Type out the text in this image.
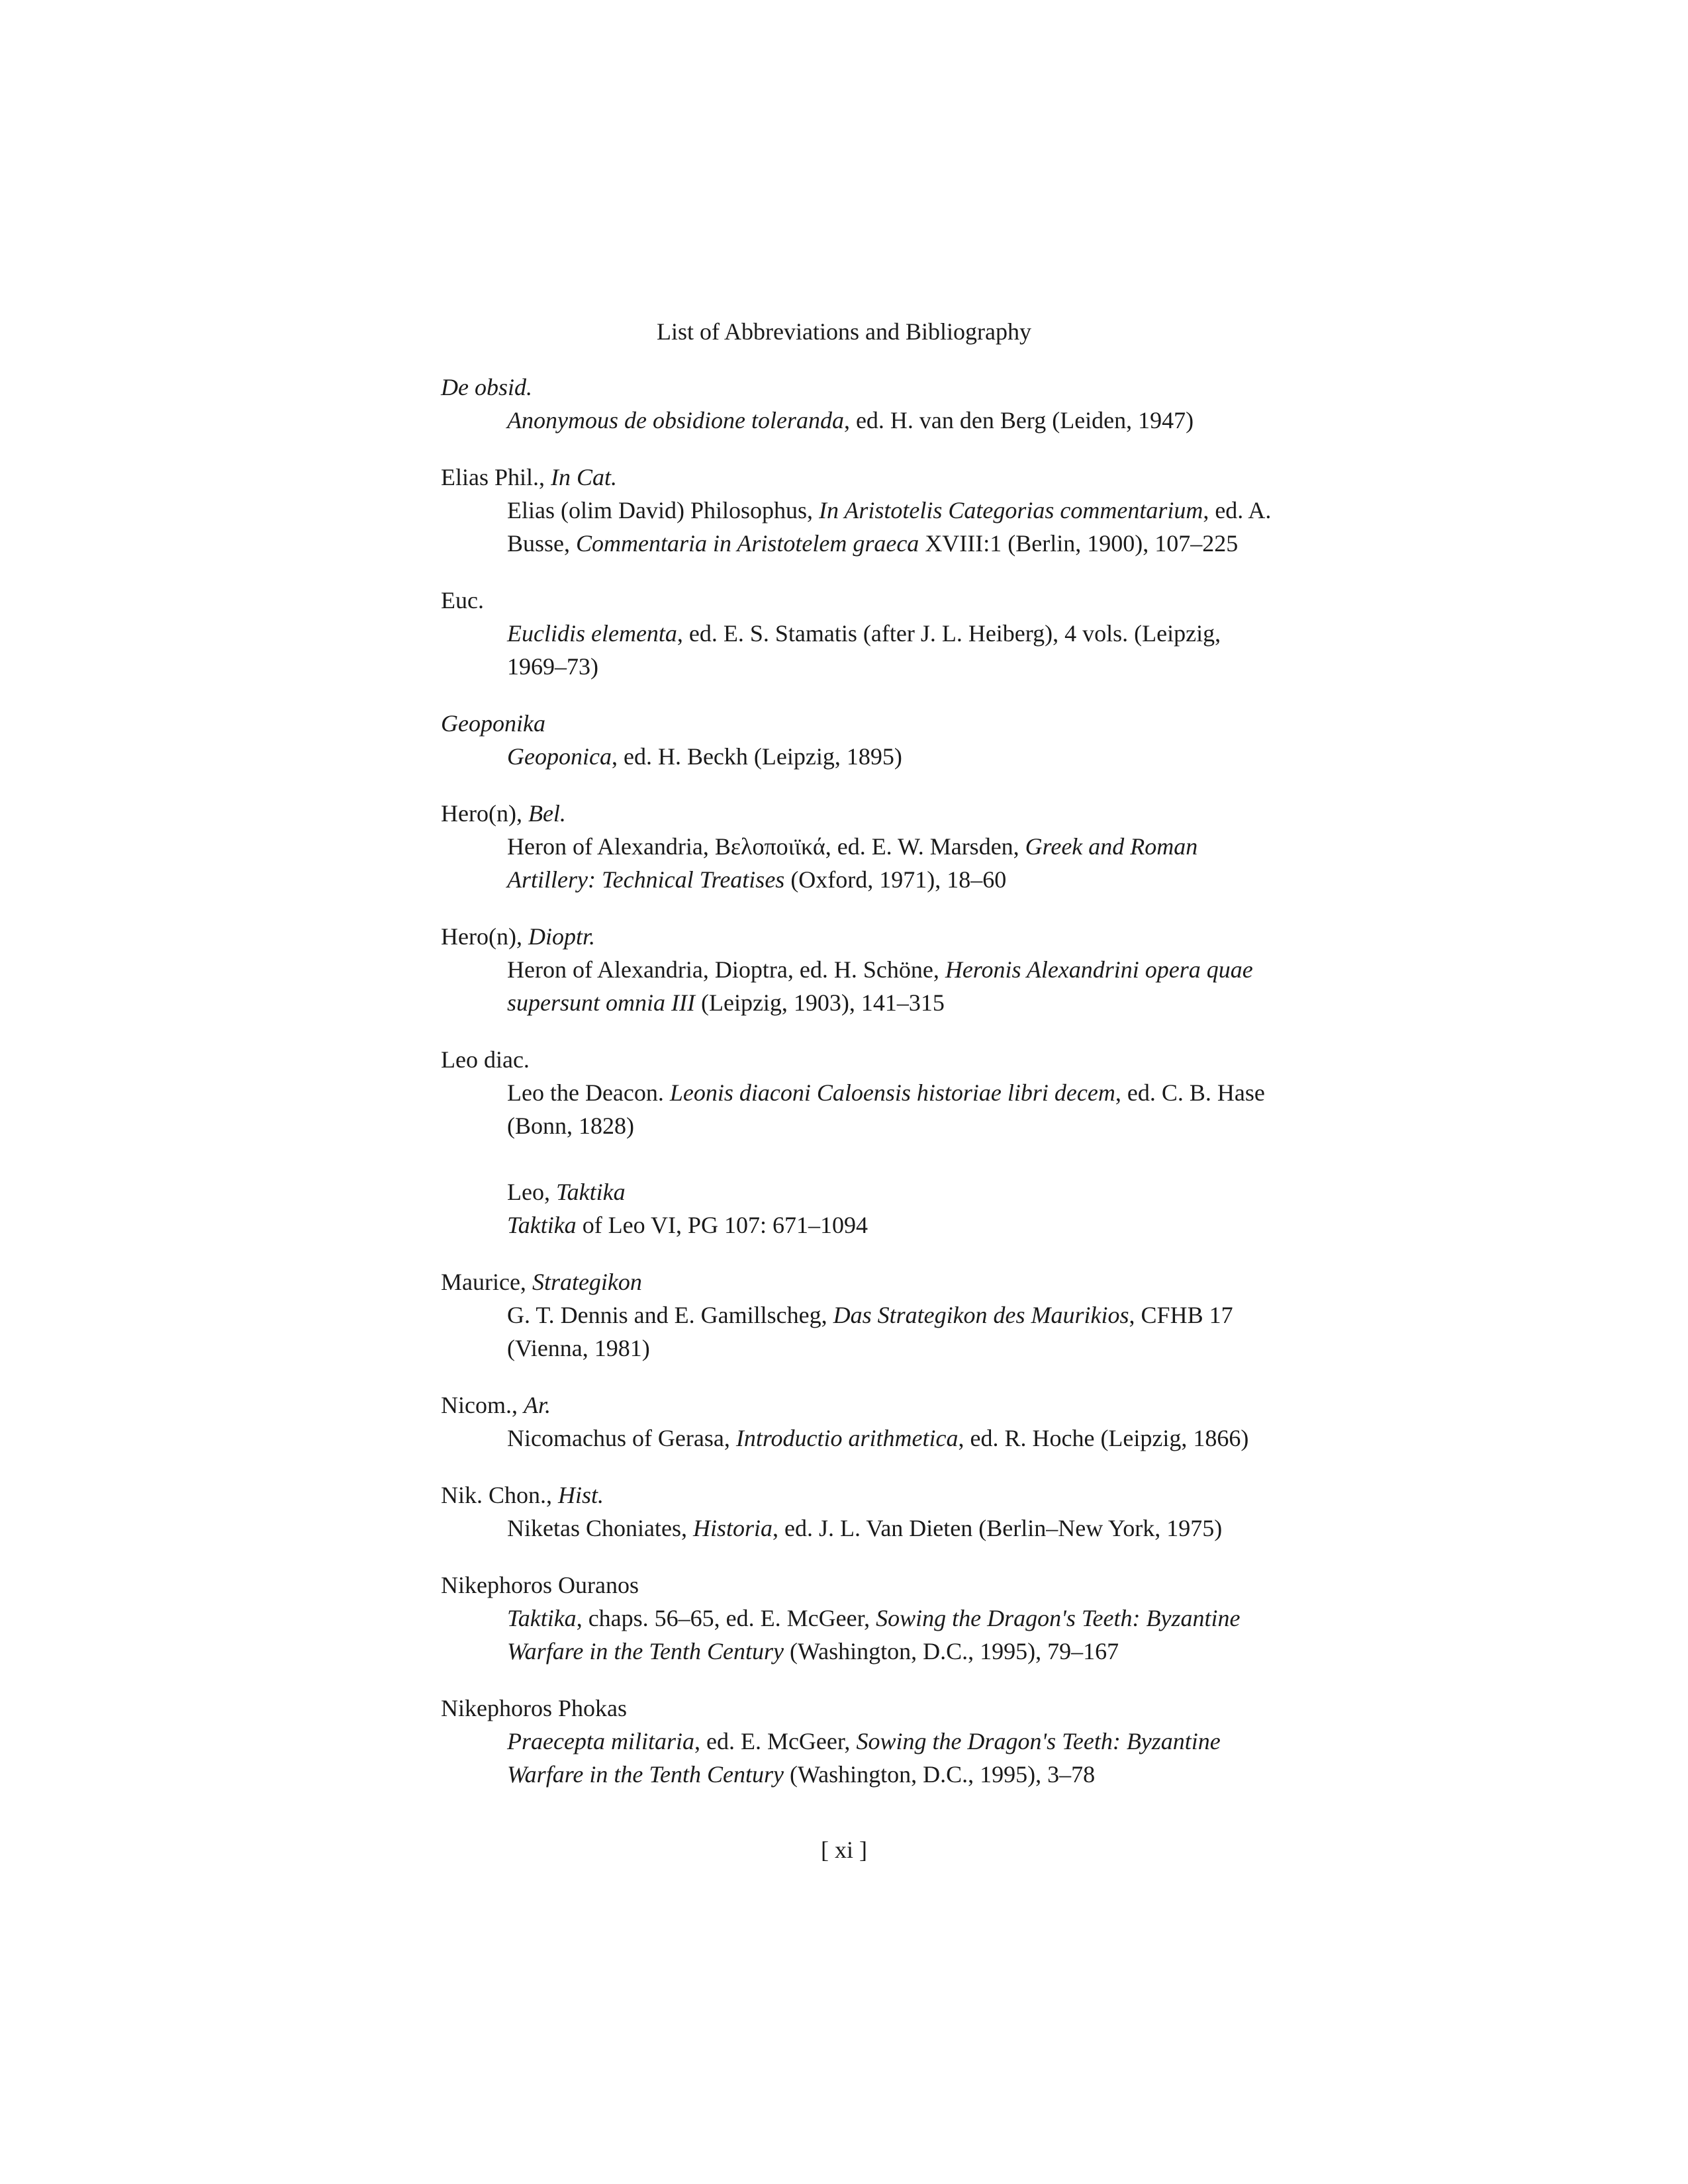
List of Abbreviations and Bibliography

De obsid.

Anonymous de obsidione toleranda, ed. H. van den Berg (Leiden, 1947)

Elias Phil., In Cat.

Elias (olim David) Philosophus, In Aristotelis Categorias commentarium, ed. A. Busse, Commentaria in Aristotelem graeca XVIII:1 (Berlin, 1900), 107–225

Euc.

Euclidis elementa, ed. E. S. Stamatis (after J. L. Heiberg), 4 vols. (Leipzig, 1969–73)

Geoponika

Geoponica, ed. H. Beckh (Leipzig, 1895)

Hero(n), Bel.

Heron of Alexandria, Βελοποιϊκά, ed. E. W. Marsden, Greek and Roman Artillery: Technical Treatises (Oxford, 1971), 18–60

Hero(n), Dioptr.

Heron of Alexandria, Dioptra, ed. H. Schöne, Heronis Alexandrini opera quae supersunt omnia III (Leipzig, 1903), 141–315

Leo diac.

Leo the Deacon. Leonis diaconi Caloensis historiae libri decem, ed. C. B. Hase (Bonn, 1828)

Leo, Taktika

Taktika of Leo VI, PG 107: 671–1094

Maurice, Strategikon

G. T. Dennis and E. Gamillscheg, Das Strategikon des Maurikios, CFHB 17 (Vienna, 1981)

Nicom., Ar.

Nicomachus of Gerasa, Introductio arithmetica, ed. R. Hoche (Leipzig, 1866)

Nik. Chon., Hist.

Niketas Choniates, Historia, ed. J. L. Van Dieten (Berlin–New York, 1975)

Nikephoros Ouranos

Taktika, chaps. 56–65, ed. E. McGeer, Sowing the Dragon's Teeth: Byzantine Warfare in the Tenth Century (Washington, D.C., 1995), 79–167

Nikephoros Phokas

Praecepta militaria, ed. E. McGeer, Sowing the Dragon's Teeth: Byzantine Warfare in the Tenth Century (Washington, D.C., 1995), 3–78

[ xi ]
